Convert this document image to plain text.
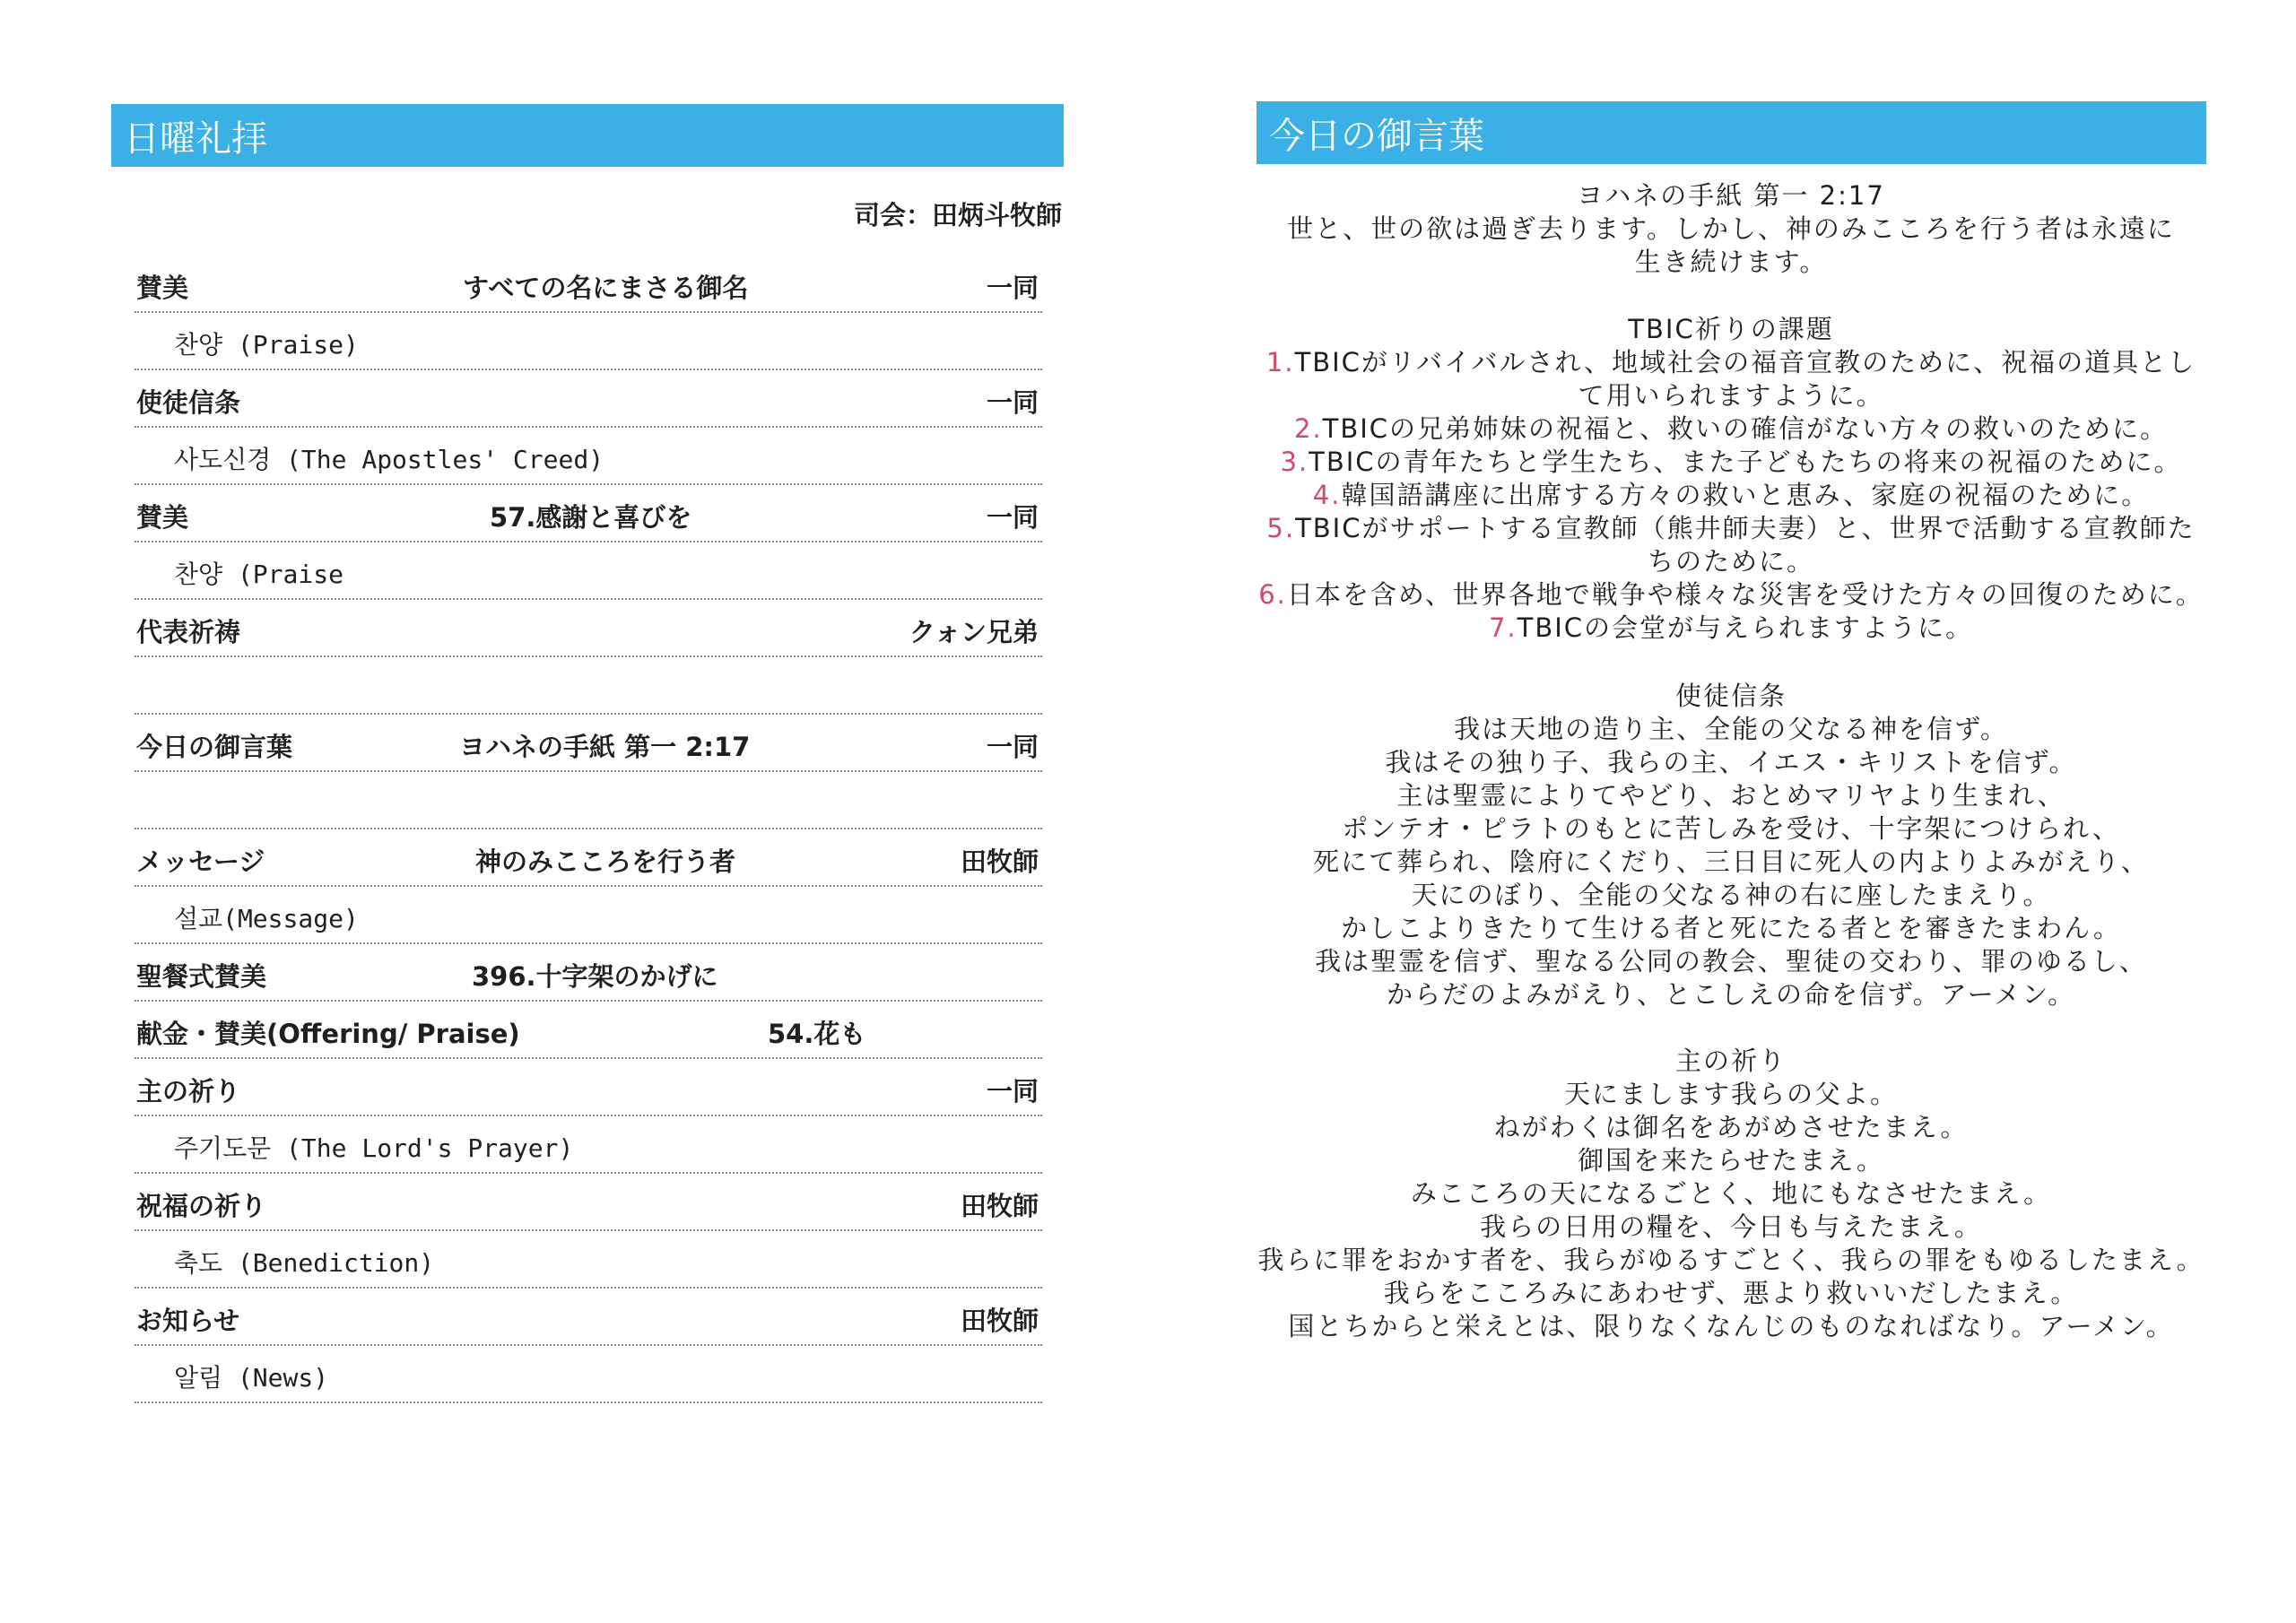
日曜礼拝
司会：田炳斗牧師
賛美	すべての名にまさる御名	一同
찬양 (Praise)
使徒信条	一同
사도신경 (The Apostles' Creed)
賛美	57.感謝と喜びを	一同
찬양 (Praise
代表祈祷	クォン兄弟
今日の御言葉	ヨハネの手紙 第一 2:17	一同
メッセージ	神のみこころを行う者	田牧師
설교(Message)
聖餐式賛美	396.十字架のかげに
献金・賛美(Offering/ Praise)	54.花も
主の祈り	一同
주기도문 (The Lord's Prayer)
祝福の祈り	田牧師
축도 (Benediction)
お知らせ	田牧師
알림 (News)
今日の御言葉
ヨハネの手紙 第一 2:17
世と、世の欲は過ぎ去ります。しかし、神のみこころを行う者は永遠に
生き続けます。
TBIC祈りの課題
1.TBICがリバイバルされ、地域社会の福音宣教のために、祝福の道具とし
て用いられますように。
2.TBICの兄弟姉妹の祝福と、救いの確信がない方々の救いのために。
3.TBICの青年たちと学生たち、また子どもたちの将来の祝福のために。
4.韓国語講座に出席する方々の救いと恵み、家庭の祝福のために。
5.TBICがサポートする宣教師（熊井師夫妻）と、世界で活動する宣教師た
ちのために。
6.日本を含め、世界各地で戦争や様々な災害を受けた方々の回復のために。
7.TBICの会堂が与えられますように。
使徒信条
我は天地の造り主、全能の父なる神を信ず。
我はその独り子、我らの主、イエス・キリストを信ず。
主は聖霊によりてやどり、おとめマリヤより生まれ、
ポンテオ・ピラトのもとに苦しみを受け、十字架につけられ、
死にて葬られ、陰府にくだり、三日目に死人の内よりよみがえり、
天にのぼり、全能の父なる神の右に座したまえり。
かしこよりきたりて生ける者と死にたる者とを審きたまわん。
我は聖霊を信ず、聖なる公同の教会、聖徒の交わり、罪のゆるし、
からだのよみがえり、とこしえの命を信ず。アーメン。
主の祈り
天にまします我らの父よ。
ねがわくは御名をあがめさせたまえ。
御国を来たらせたまえ。
みこころの天になるごとく、地にもなさせたまえ。
我らの日用の糧を、今日も与えたまえ。
我らに罪をおかす者を、我らがゆるすごとく、我らの罪をもゆるしたまえ。
我らをこころみにあわせず、悪より救いいだしたまえ。
国とちからと栄えとは、限りなくなんじのものなればなり。アーメン。
